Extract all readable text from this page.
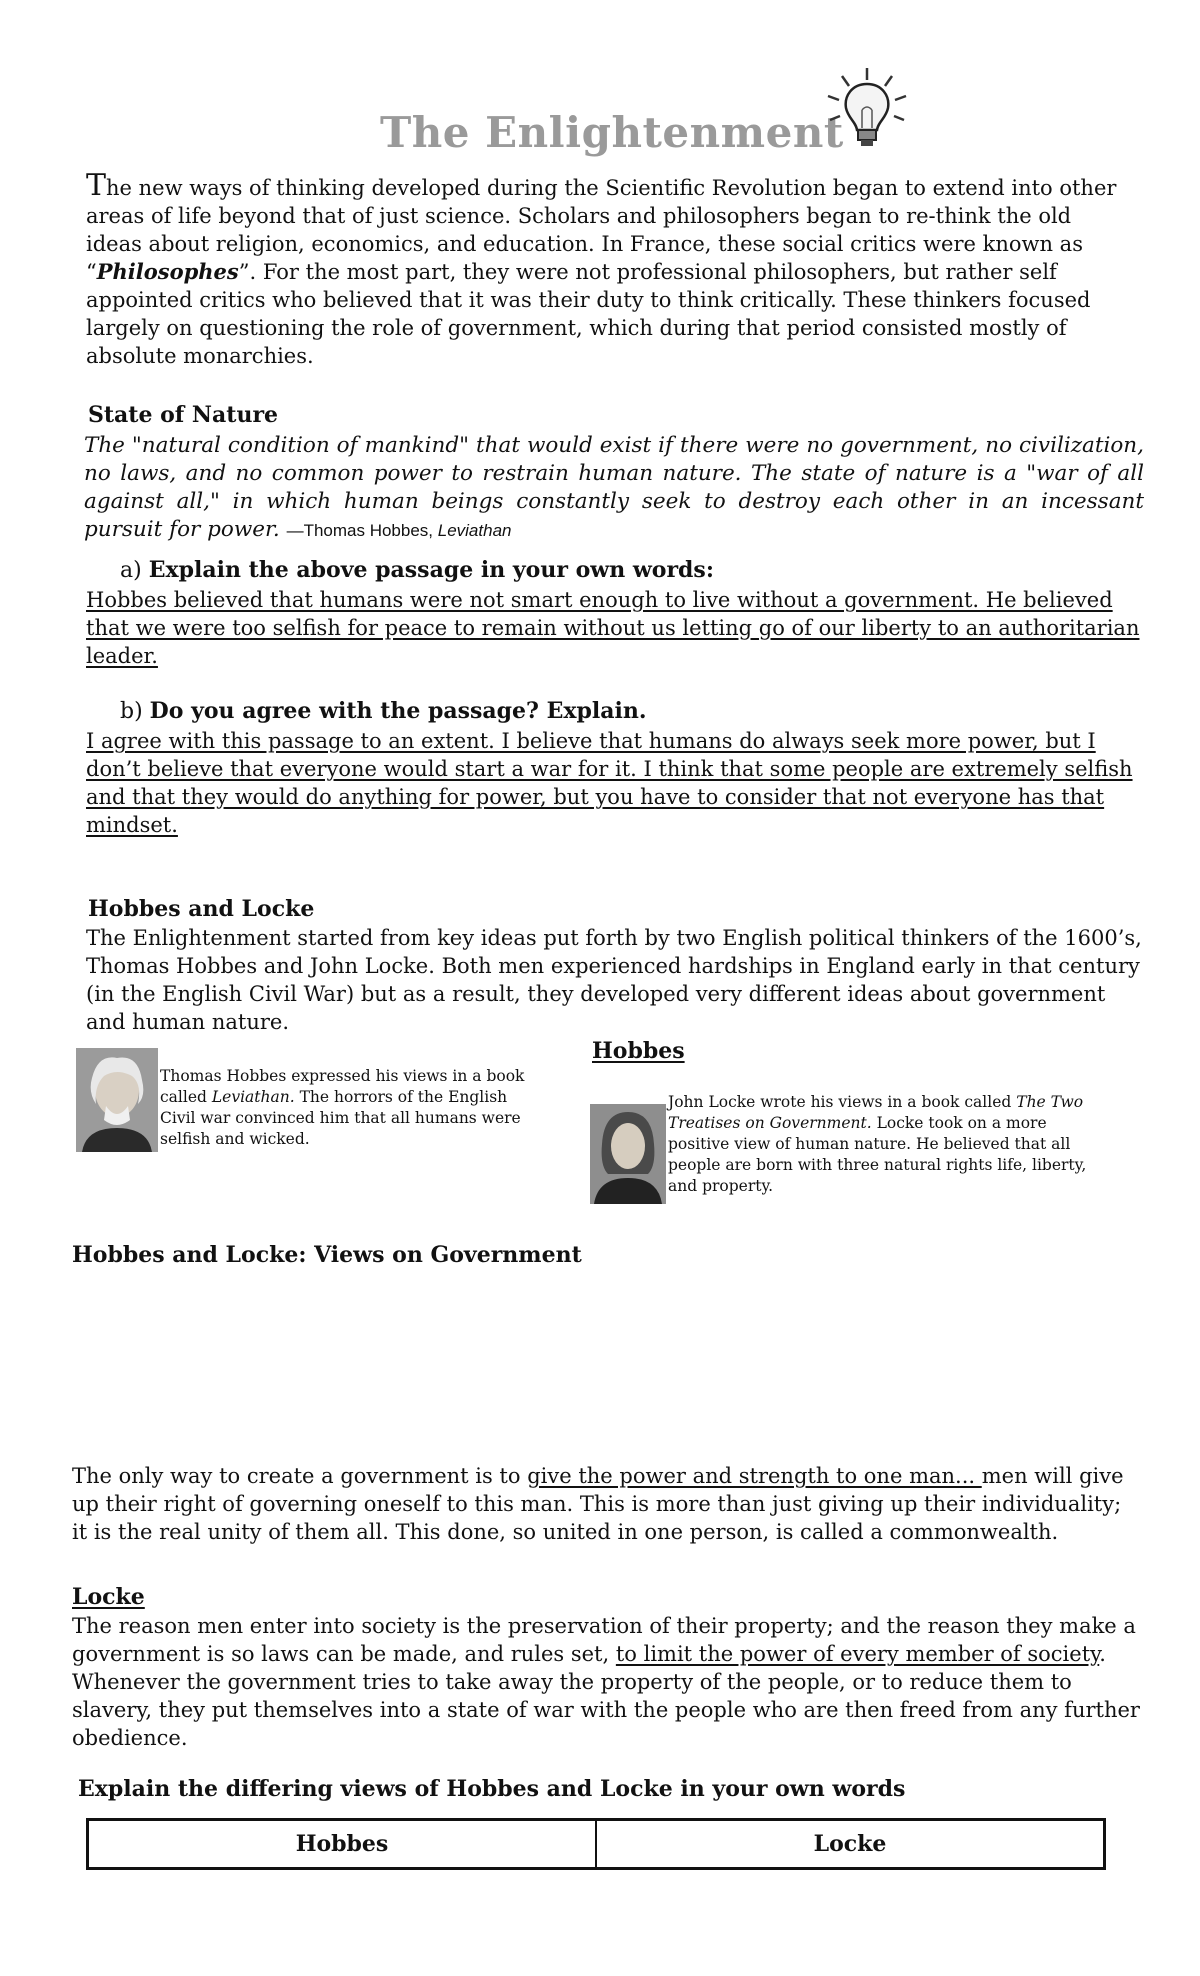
The Enlightenment
The new ways of thinking developed during the Scientific Revolution began to extend into other areas of life beyond that of just science. Scholars and philosophers began to re-think the old ideas about religion, economics, and education. In France, these social critics were known as “Philosophes”. For the most part, they were not professional philosophers, but rather self appointed critics who believed that it was their duty to think critically. These thinkers focused largely on questioning the role of government, which during that period consisted mostly of absolute monarchies.
State of Nature
The "natural condition of mankind" that would exist if there were no government, no civilization, no laws, and no common power to restrain human nature. The state of nature is a "war of all against all," in which human beings constantly seek to destroy each other in an incessant pursuit for power. —Thomas Hobbes, Leviathan
a) Explain the above passage in your own words:
Hobbes believed that humans were not smart enough to live without a government. He believed that we were too selfish for peace to remain without us letting go of our liberty to an authoritarian leader.
b) Do you agree with the passage? Explain.
I agree with this passage to an extent. I believe that humans do always seek more power, but I don’t believe that everyone would start a war for it. I think that some people are extremely selfish and that they would do anything for power, but you have to consider that not everyone has that mindset.
Hobbes and Locke
The Enlightenment started from key ideas put forth by two English political thinkers of the 1600’s, Thomas Hobbes and John Locke. Both men experienced hardships in England early in that century (in the English Civil War) but as a result, they developed very different ideas about government and human nature.
Hobbes
Thomas Hobbes expressed his views in a book called Leviathan. The horrors of the English Civil war convinced him that all humans were selfish and wicked.
John Locke wrote his views in a book called The Two Treatises on Government. Locke took on a more positive view of human nature. He believed that all people are born with three natural rights life, liberty, and property.
Hobbes and Locke: Views on Government
The only way to create a government is to give the power and strength to one man... men will give up their right of governing oneself to this man. This is more than just giving up their individuality; it is the real unity of them all. This done, so united in one person, is called a commonwealth.
Locke
The reason men enter into society is the preservation of their property; and the reason they make a government is so laws can be made, and rules set, to limit the power of every member of society. Whenever the government tries to take away the property of the people, or to reduce them to slavery, they put themselves into a state of war with the people who are then freed from any further obedience.
Explain the differing views of Hobbes and Locke in your own words
Hobbes	Locke
